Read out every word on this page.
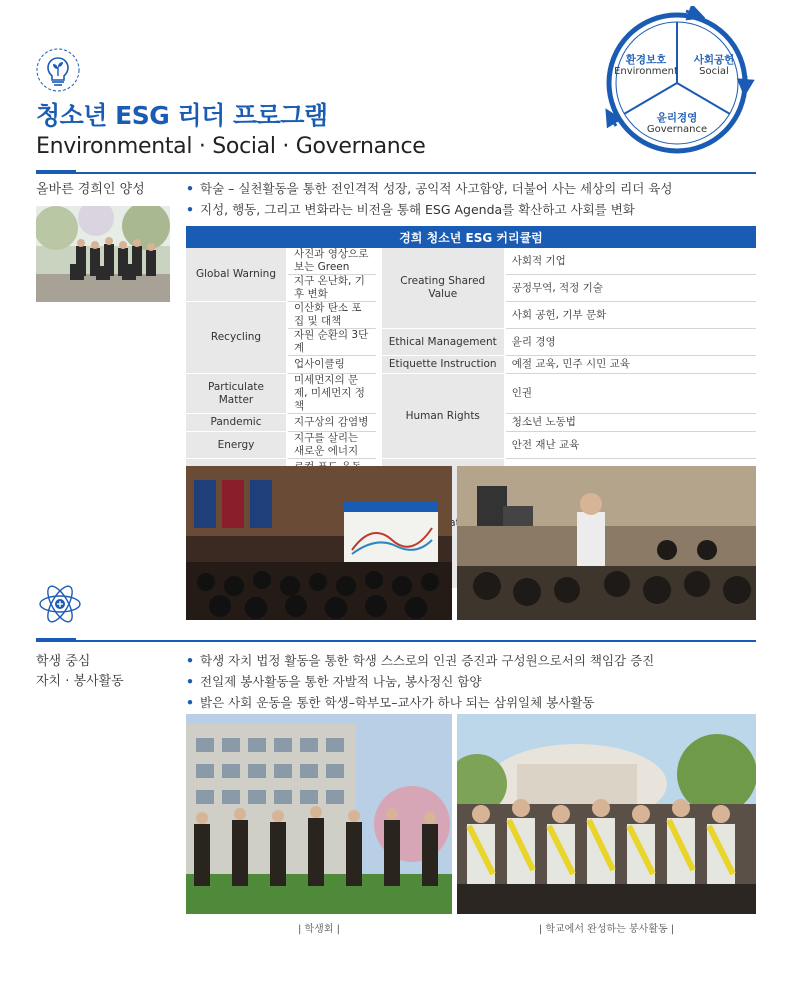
청소년 ESG 리더 프로그램
Environmental · Social · Governance
환경보호
Environment
사회공헌
Social
윤리경영
Governance
올바른 경희인 양성	• 학술 – 실천활동을 통한 전인격적 성장, 공익적 사고함양, 더불어 사는 세상의 리더 육성
• 지성, 행동, 그리고 변화라는 비전을 통해 ESG Agenda를 확산하고 사회를 변화
경희 청소년 ESG 커리큘럼				
Global Warning	사진과 영상으로 보는 Green		Creating Shared Value	사회적 기업
	지구 온난화, 기후 변화			공정무역, 적정 기술
Recycling	이산화 탄소 포집 및 대책			사회 공헌, 기부 문화
	자원 순환의 3단계		Ethical Management	윤리 경영
	업사이클링		Etiquette Instruction	예절 교육, 민주 시민 교육
Particulate Matter	미세먼지의 문제, 미세먼지 정책		Human Rights	인권
Pandemic	지구상의 감염병			청소년 노동법
Energy	지구를 살리는 새로운 에너지			안전 재난 교육

학생 중심
자치 · 봉사활동
• 학생 자치 법정 활동을 통한 학생 스스로의 인권 증진과 구성원으로서의 책임감 증진
• 전일제 봉사활동을 통한 자발적 나눔, 봉사정신 함양
• 밝은 사회 운동을 통한 학생–학부모–교사가 하나 되는 삼위일체 봉사활동
| 학생회 |	| 학교에서 완성하는 봉사활동 |
